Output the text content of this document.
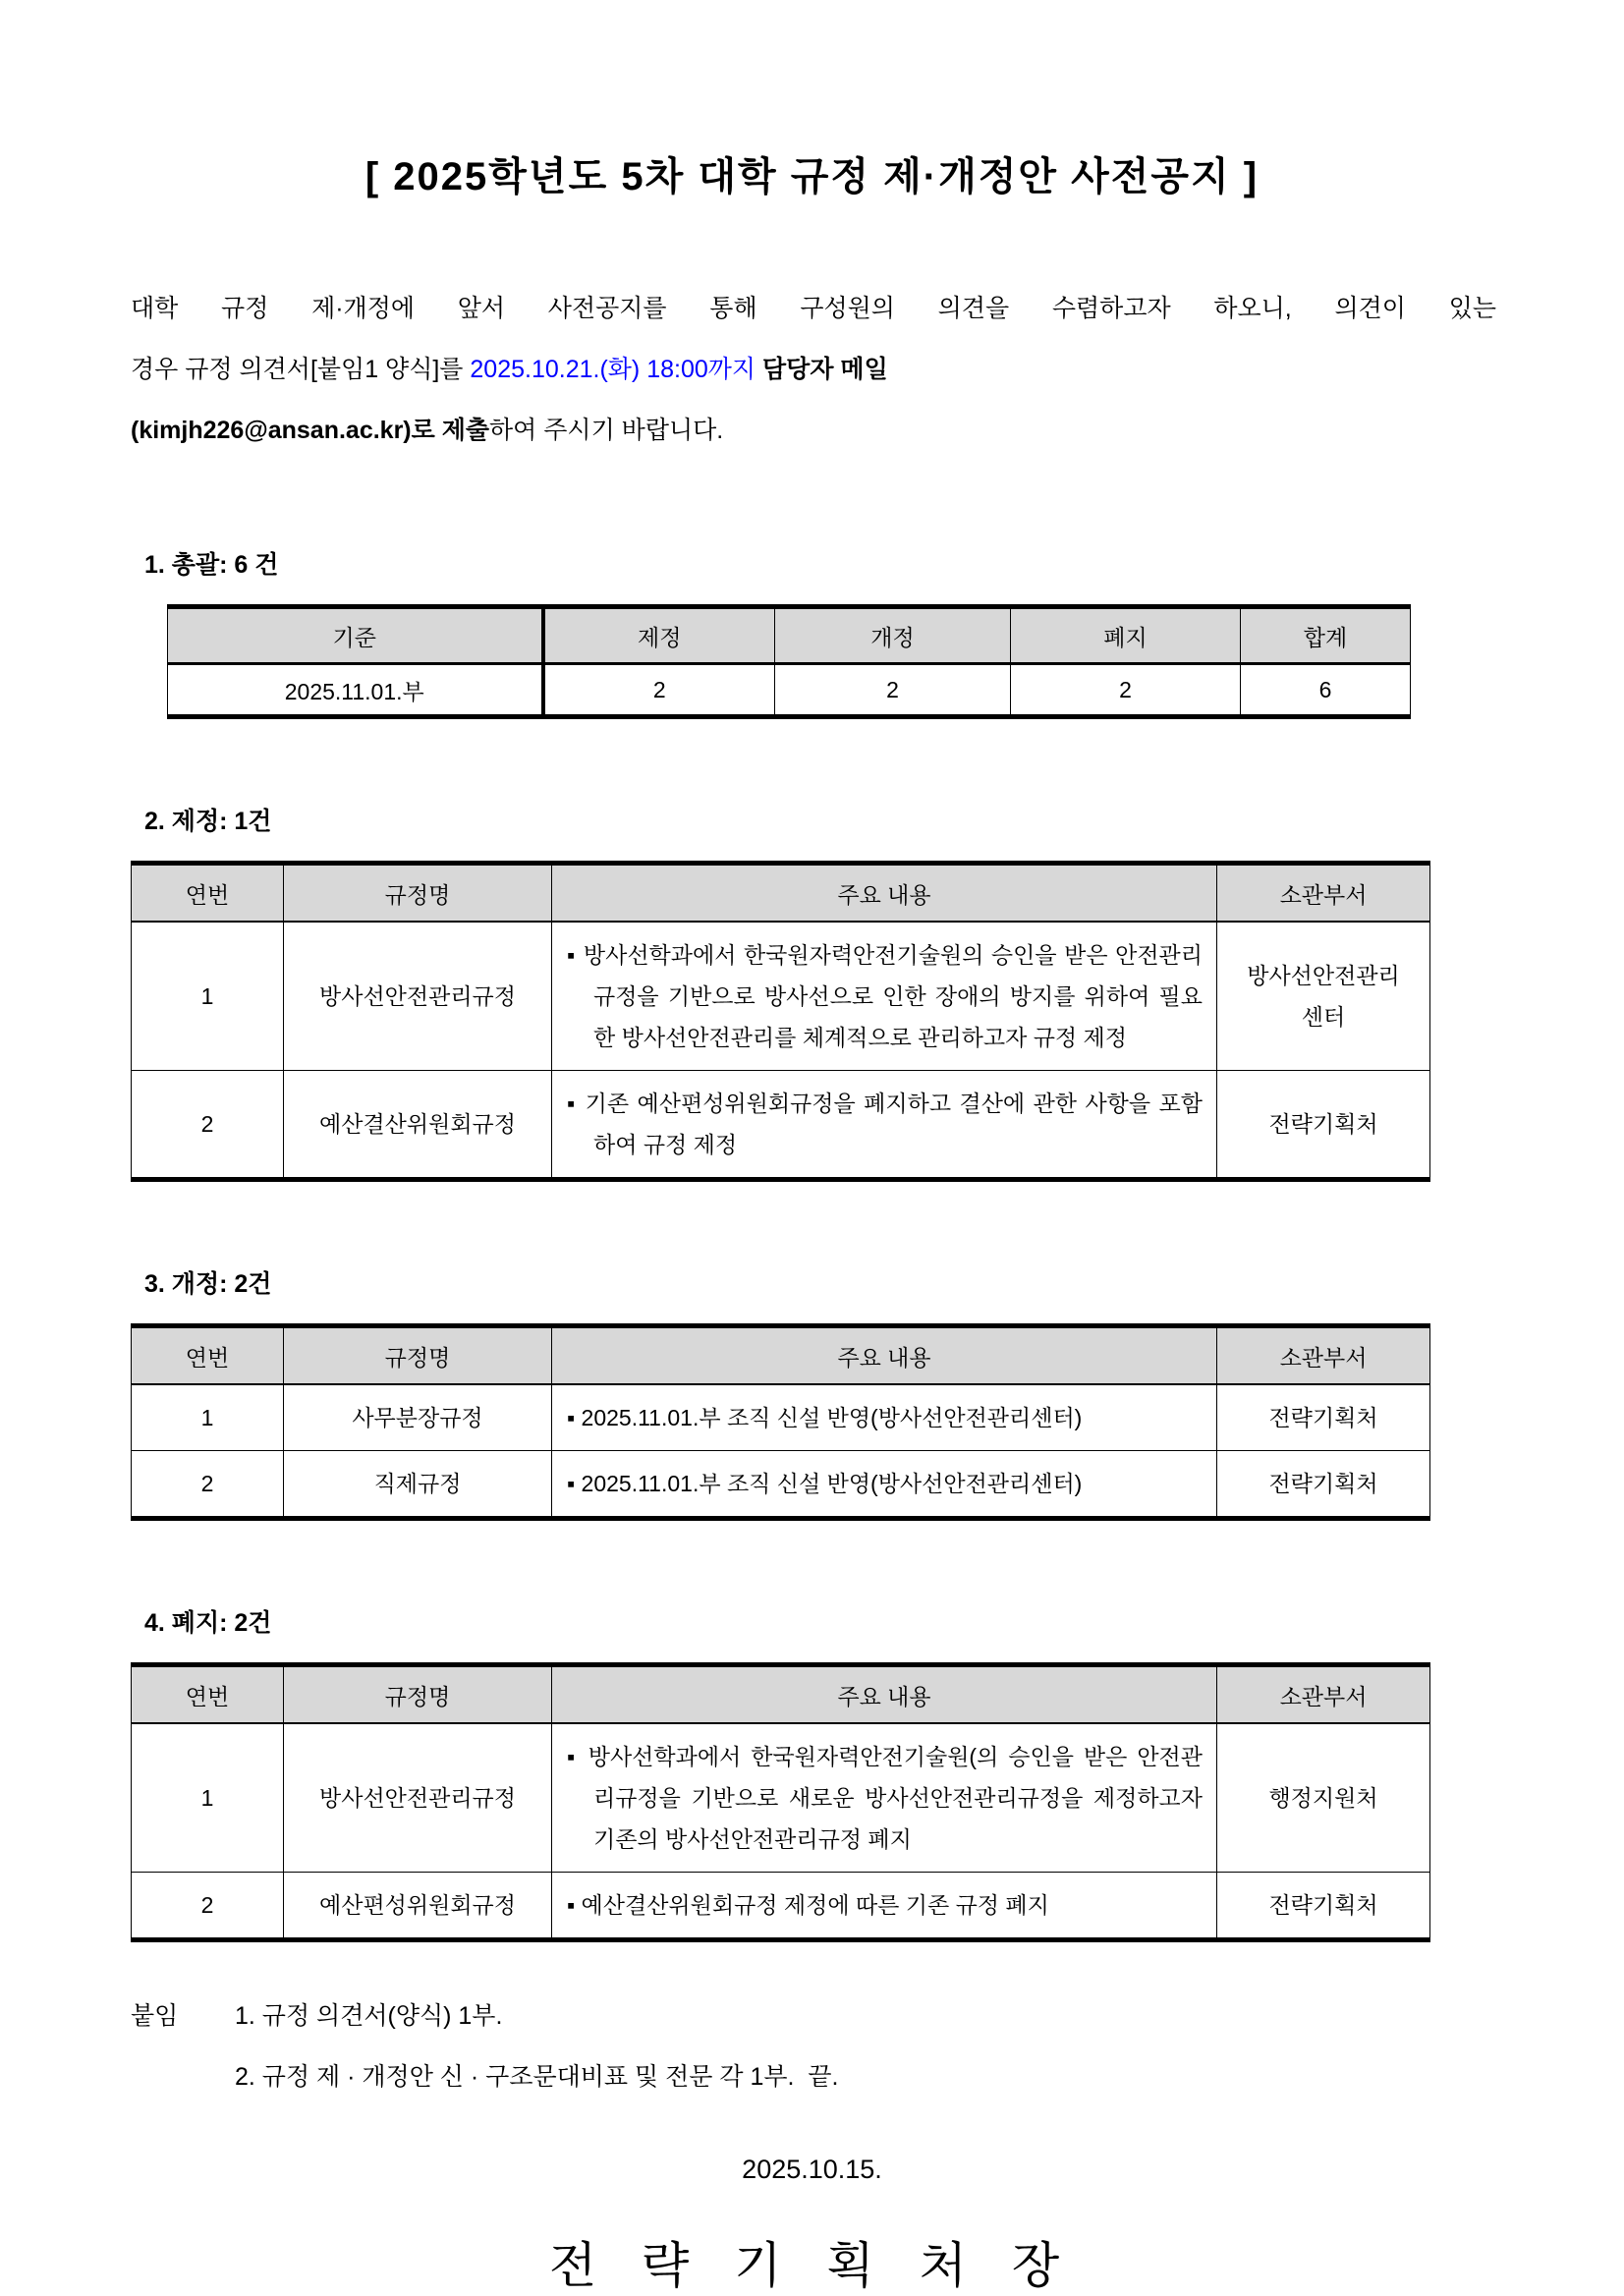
[ 2025학년도 5차 대학 규정 제·개정안 사전공지 ]
대학 규정 제·개정에 앞서 사전공지를 통해 구성원의 의견을 수렴하고자 하오니, 의견이 있는
경우 규정 의견서[붙임1 양식]를 2025.10.21.(화) 18:00까지 담당자 메일
(kimjh226@ansan.ac.kr)로 제출하여 주시기 바랍니다.
1. 총괄: 6 건
기준	제정	개정	폐지	합계
2025.11.01.부	2	2	2	6
2. 제정: 1건
연번	규정명	주요 내용	소관부서
1	방사선안전관리규정	▪ 방사선학과에서 한국원자력안전기술원의 승인을 받은 안전관리규정을 기반으로 방사선으로 인한 장애의 방지를 위하여 필요한 방사선안전관리를 체계적으로 관리하고자 규정 제정	방사선안전관리센터
2	예산결산위원회규정	▪ 기존 예산편성위원회규정을 폐지하고 결산에 관한 사항을 포함하여 규정 제정	전략기획처
3. 개정: 2건
연번	규정명	주요 내용	소관부서
1	사무분장규정	▪ 2025.11.01.부 조직 신설 반영(방사선안전관리센터)	전략기획처
2	직제규정	▪ 2025.11.01.부 조직 신설 반영(방사선안전관리센터)	전략기획처
4. 폐지: 2건
연번	규정명	주요 내용	소관부서
1	방사선안전관리규정	▪ 방사선학과에서 한국원자력안전기술원(의 승인을 받은 안전관리규정을 기반으로 새로운 방사선안전관리규정을 제정하고자 기존의 방사선안전관리규정 폐지	행정지원처
2	예산편성위원회규정	▪ 예산결산위원회규정 제정에 따른 기존 규정 폐지	전략기획처
붙임	1. 규정 의견서(양식) 1부.
2. 규정 제 · 개정안 신 · 구조문대비표 및 전문 각 1부.  끝.
2025.10.15.
전 략 기 획 처 장
